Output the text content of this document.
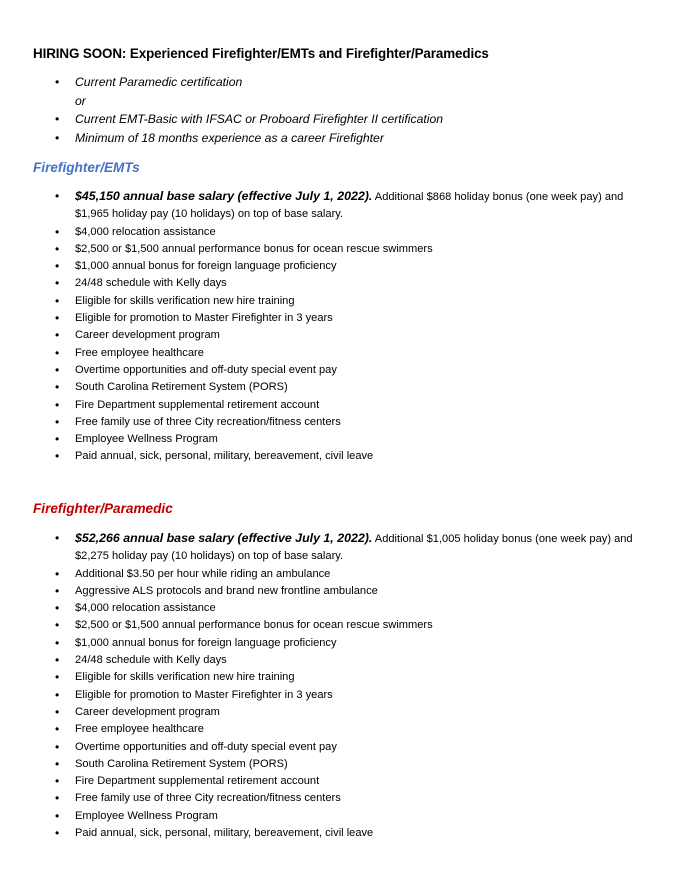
HIRING SOON: Experienced Firefighter/EMTs and Firefighter/Paramedics
• Current Paramedic certification
or
• Current EMT-Basic with IFSAC or Proboard Firefighter II certification
• Minimum of 18 months experience as a career Firefighter
Firefighter/EMTs
• $45,150 annual base salary (effective July 1, 2022). Additional $868 holiday bonus (one week pay) and
$1,965 holiday pay (10 holidays) on top of base salary.
• $4,000 relocation assistance
• $2,500 or $1,500 annual performance bonus for ocean rescue swimmers
• $1,000 annual bonus for foreign language proficiency
• 24/48 schedule with Kelly days
• Eligible for skills verification new hire training
• Eligible for promotion to Master Firefighter in 3 years
• Career development program
• Free employee healthcare
• Overtime opportunities and off-duty special event pay
• South Carolina Retirement System (PORS)
• Fire Department supplemental retirement account
• Free family use of three City recreation/fitness centers
• Employee Wellness Program
• Paid annual, sick, personal, military, bereavement, civil leave
Firefighter/Paramedic
• $52,266 annual base salary (effective July 1, 2022). Additional $1,005 holiday bonus (one week pay) and
$2,275 holiday pay (10 holidays) on top of base salary.
• Additional $3.50 per hour while riding an ambulance
• Aggressive ALS protocols and brand new frontline ambulance
• $4,000 relocation assistance
• $2,500 or $1,500 annual performance bonus for ocean rescue swimmers
• $1,000 annual bonus for foreign language proficiency
• 24/48 schedule with Kelly days
• Eligible for skills verification new hire training
• Eligible for promotion to Master Firefighter in 3 years
• Career development program
• Free employee healthcare
• Overtime opportunities and off-duty special event pay
• South Carolina Retirement System (PORS)
• Fire Department supplemental retirement account
• Free family use of three City recreation/fitness centers
• Employee Wellness Program
• Paid annual, sick, personal, military, bereavement, civil leave
